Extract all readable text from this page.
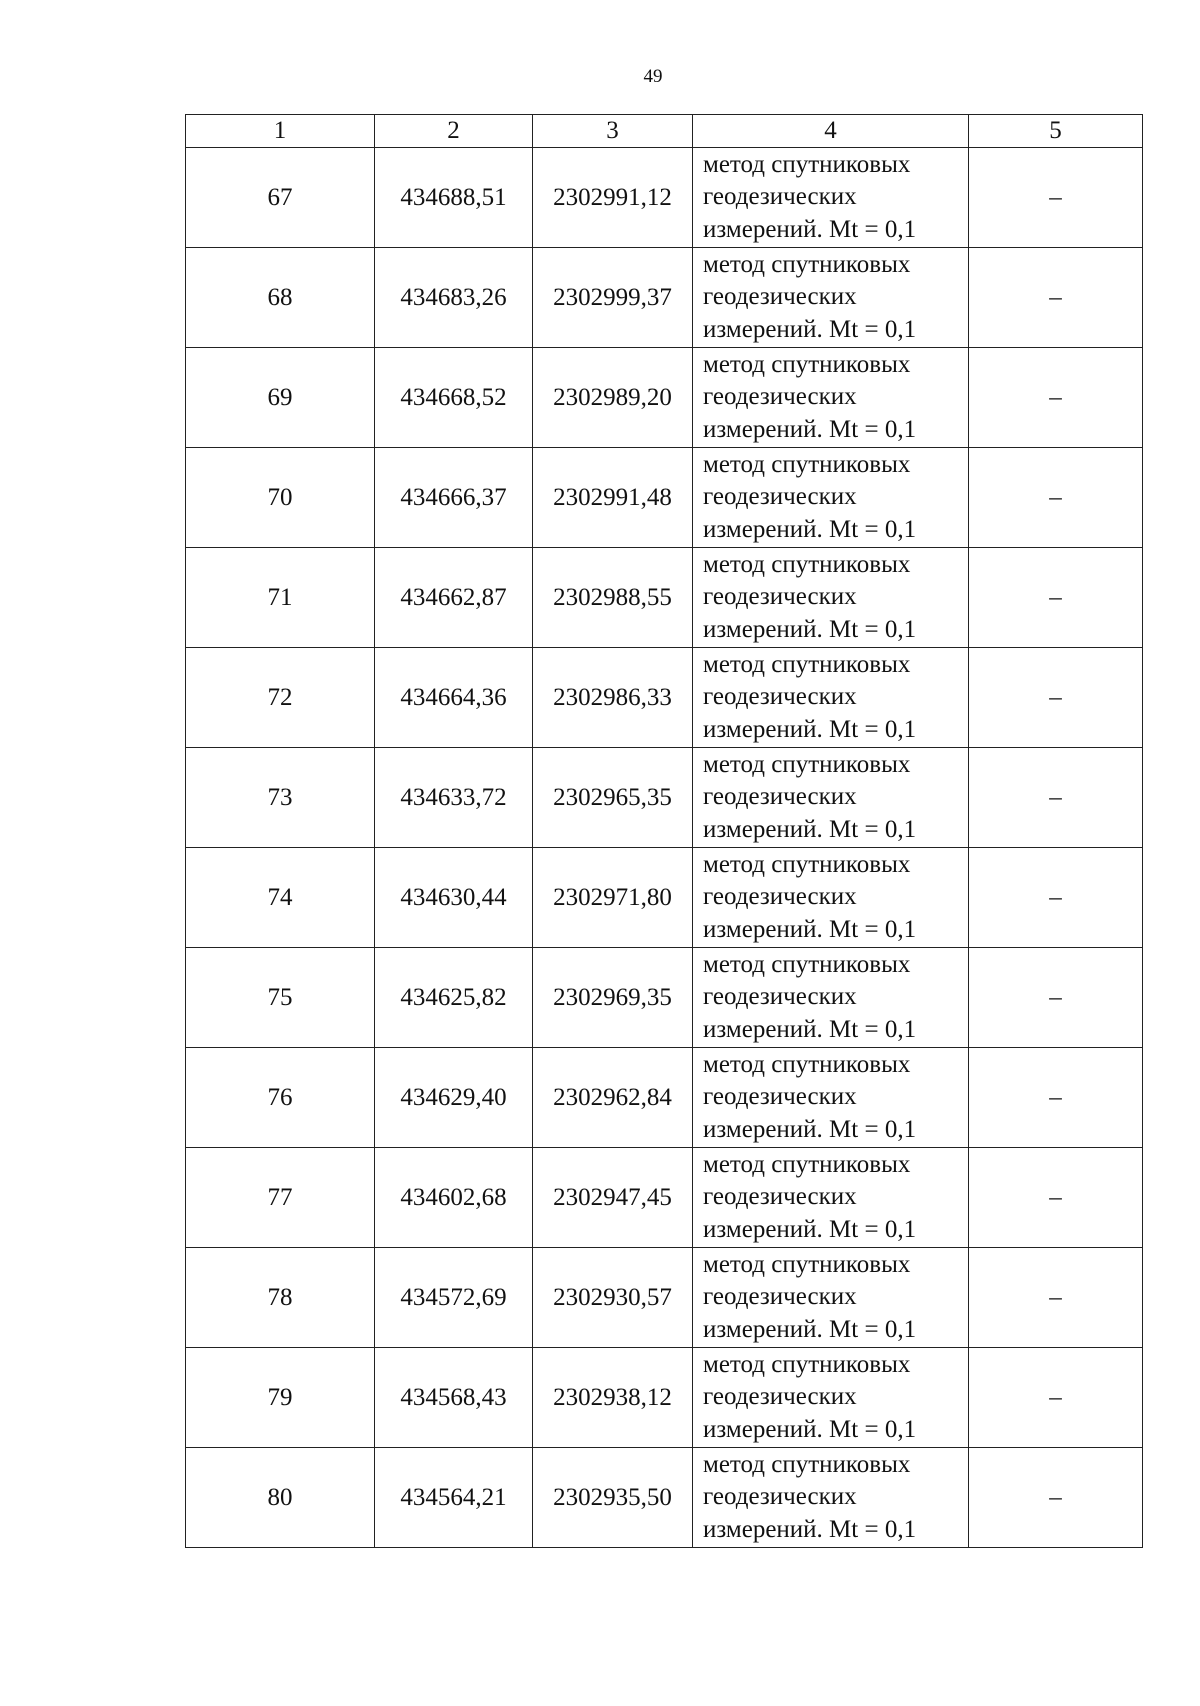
49
1	2	3	4	5
67	434688,51	2302991,12	метод спутниковых
геодезических
измерений. Mt = 0,1	–
68	434683,26	2302999,37	метод спутниковых
геодезических
измерений. Mt = 0,1	–
69	434668,52	2302989,20	метод спутниковых
геодезических
измерений. Mt = 0,1	–
70	434666,37	2302991,48	метод спутниковых
геодезических
измерений. Mt = 0,1	–
71	434662,87	2302988,55	метод спутниковых
геодезических
измерений. Mt = 0,1	–
72	434664,36	2302986,33	метод спутниковых
геодезических
измерений. Mt = 0,1	–
73	434633,72	2302965,35	метод спутниковых
геодезических
измерений. Mt = 0,1	–
74	434630,44	2302971,80	метод спутниковых
геодезических
измерений. Mt = 0,1	–
75	434625,82	2302969,35	метод спутниковых
геодезических
измерений. Mt = 0,1	–
76	434629,40	2302962,84	метод спутниковых
геодезических
измерений. Mt = 0,1	–
77	434602,68	2302947,45	метод спутниковых
геодезических
измерений. Mt = 0,1	–
78	434572,69	2302930,57	метод спутниковых
геодезических
измерений. Mt = 0,1	–
79	434568,43	2302938,12	метод спутниковых
геодезических
измерений. Mt = 0,1	–
80	434564,21	2302935,50	метод спутниковых
геодезических
измерений. Mt = 0,1	–
